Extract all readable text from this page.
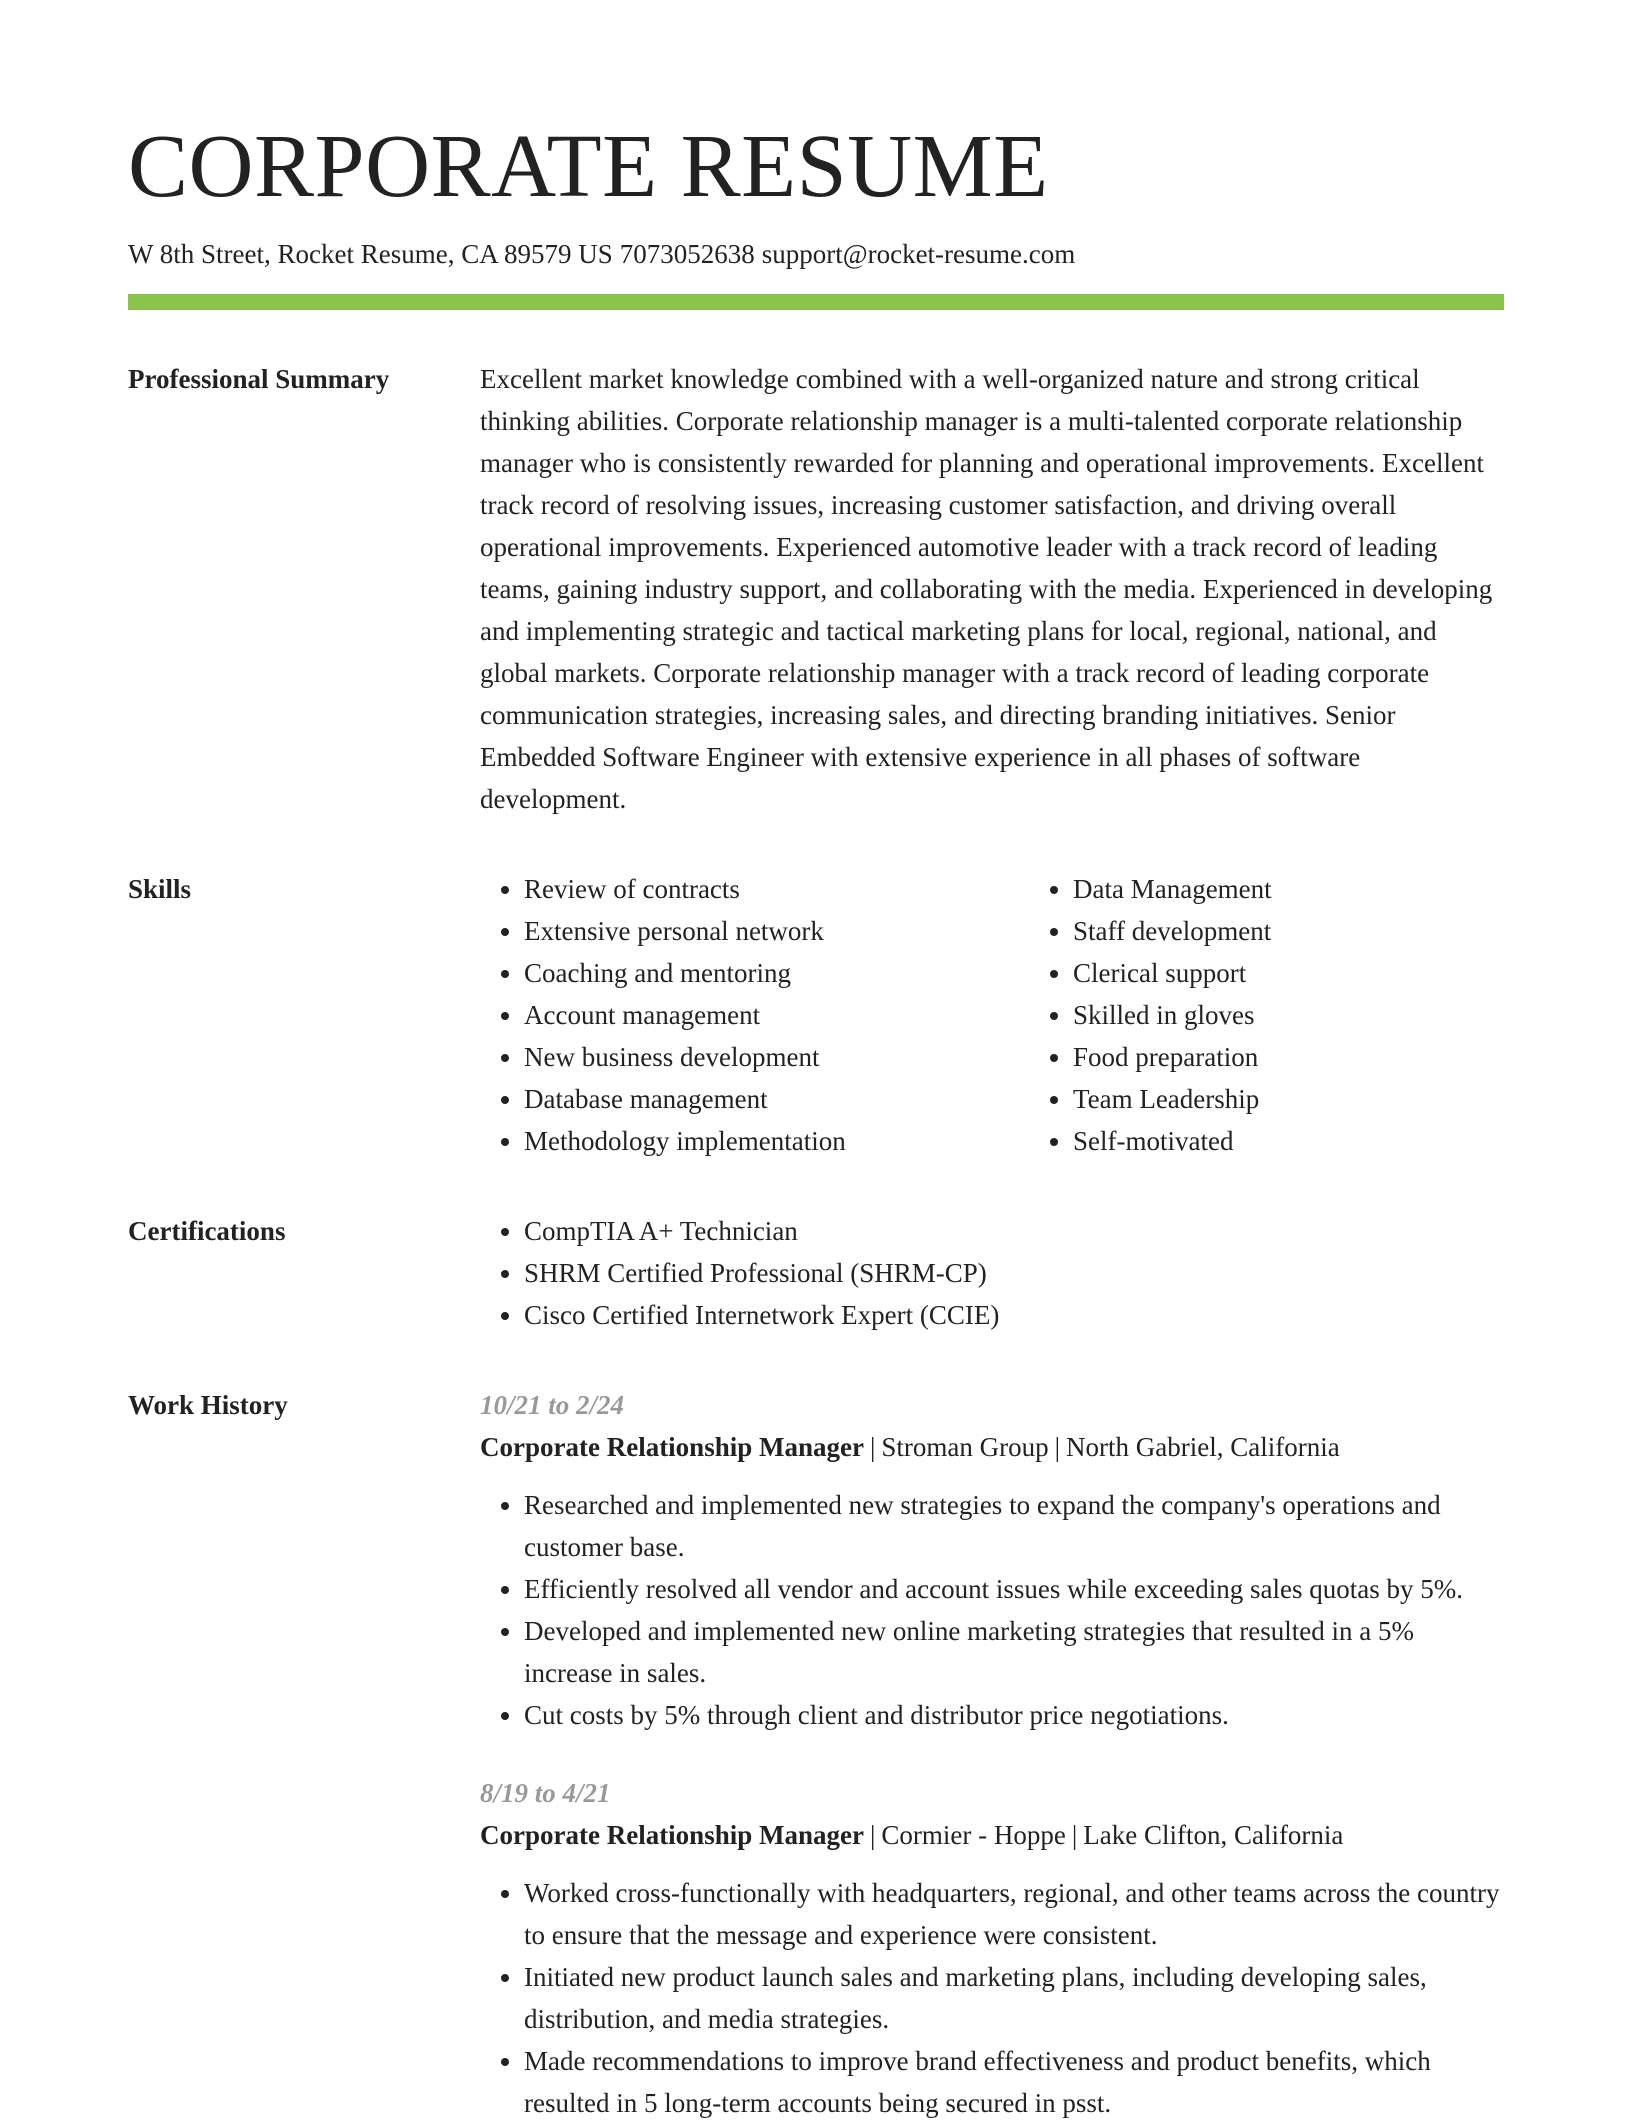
CORPORATE RESUME
W 8th Street, Rocket Resume, CA 89579 US 7073052638 support@rocket-resume.com
Professional Summary	Excellent market knowledge combined with a well-organized nature and strong critical thinking abilities. Corporate relationship manager is a multi-talented corporate relationship manager who is consistently rewarded for planning and operational improvements. Excellent track record of resolving issues, increasing customer satisfaction, and driving overall operational improvements. Experienced automotive leader with a track record of leading teams, gaining industry support, and collaborating with the media. Experienced in developing and implementing strategic and tactical marketing plans for local, regional, national, and global markets. Corporate relationship manager with a track record of leading corporate communication strategies, increasing sales, and directing branding initiatives. Senior Embedded Software Engineer with extensive experience in all phases of software development.

Skills	• Review of contracts
• Extensive personal network
• Coaching and mentoring
• Account management
• New business development
• Database management
• Methodology implementation
• Data Management
• Staff development
• Clerical support
• Skilled in gloves
• Food preparation
• Team Leadership
• Self-motivated
Certifications	• CompTIA A+ Technician
• SHRM Certified Professional (SHRM-CP)
• Cisco Certified Internetwork Expert (CCIE)
Work History	10/21 to 2/24
Corporate Relationship Manager | Stroman Group | North Gabriel, California
• Researched and implemented new strategies to expand the company's operations and customer base.
• Efficiently resolved all vendor and account issues while exceeding sales quotas by 5%.
• Developed and implemented new online marketing strategies that resulted in a 5% increase in sales.
• Cut costs by 5% through client and distributor price negotiations.
8/19 to 4/21
Corporate Relationship Manager | Cormier - Hoppe | Lake Clifton, California
• Worked cross-functionally with headquarters, regional, and other teams across the country to ensure that the message and experience were consistent.
• Initiated new product launch sales and marketing plans, including developing sales, distribution, and media strategies.
• Made recommendations to improve brand effectiveness and product benefits, which resulted in 5 long-term accounts being secured in psst.
